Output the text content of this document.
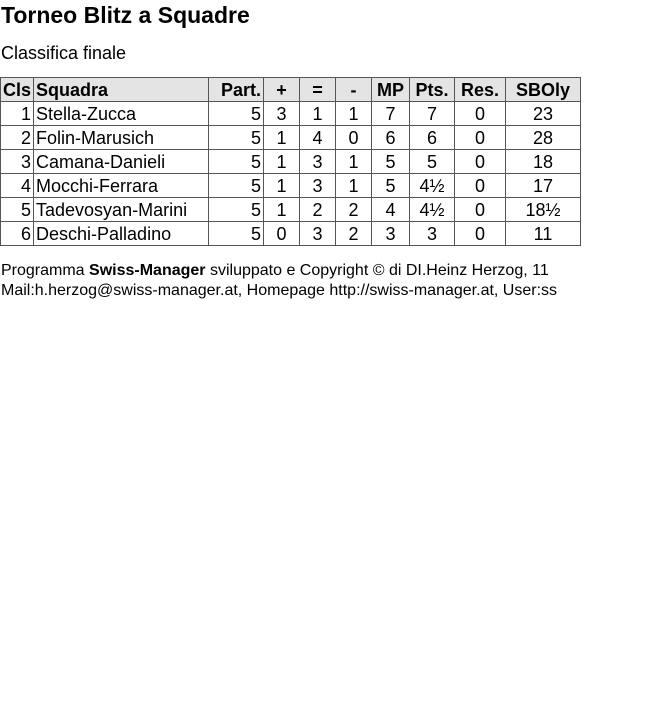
Torneo Blitz a Squadre
Classifica finale
Cls	Squadra	Part.	+	=	-	MP	Pts.	Res.	SBOly
1	Stella-Zucca	5	3	1	1	7	7	0	23
2	Folin-Marusich	5	1	4	0	6	6	0	28
3	Camana-Danieli	5	1	3	1	5	5	0	18
4	Mocchi-Ferrara	5	1	3	1	5	4½	0	17
5	Tadevosyan-Marini	5	1	2	2	4	4½	0	18½
6	Deschi-Palladino	5	0	3	2	3	3	0	11
Programma Swiss-Manager sviluppato e Copyright © di DI.Heinz Herzog, 11
Mail:h.herzog@swiss-manager.at, Homepage http://swiss-manager.at, User:ss
